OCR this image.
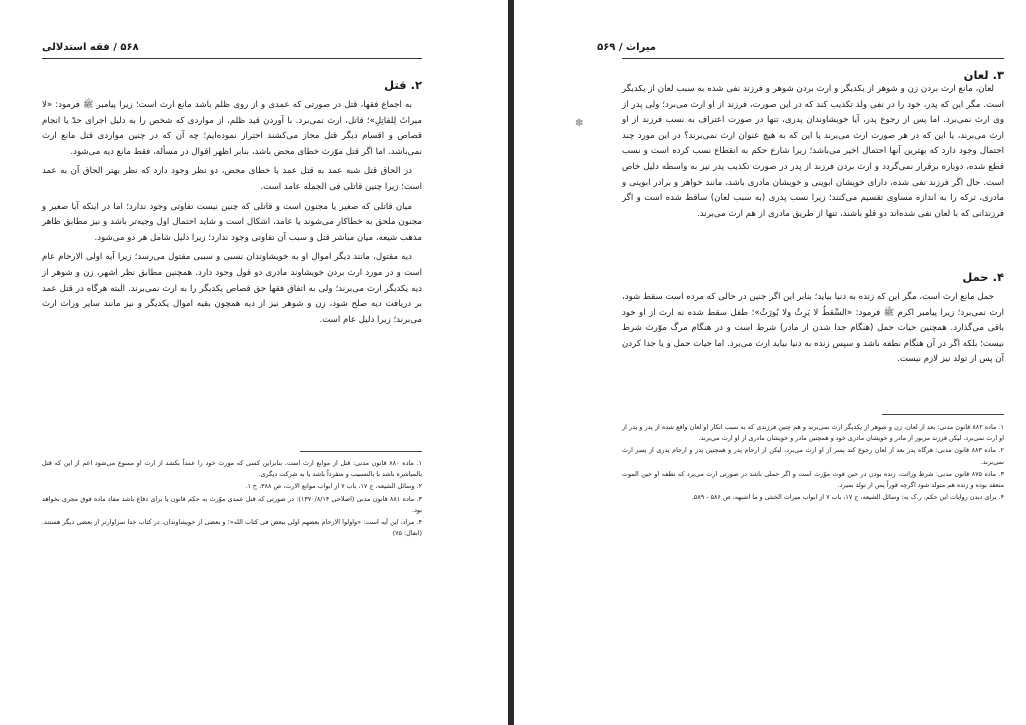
۵۶۸ / فقه استدلالی
۲. قتل

به اجماع فقها، قتل در صورتی که عمدی و از روی ظلم باشد مانع ارث است؛ زیرا پیامبر ﷺ فرمود: «لا میراثَ لِلقاتِلِ»؛ قاتل، ارث نمی‌برد. با آوردن قید ظلم، از مواردی که شخص را به دلیل اجرای حدّ یا انجام قصاص و اقسام دیگر قتل مجاز می‌کشند احتراز نموده‌ایم؛ چه آن که در چنین مواردی قتل مانع ارث نمی‌باشد. اما اگر قتل موّرث خطای محض باشد، بنابر اظهر اقوال در مسأله، فقط مانع دیه می‌شود.

در الحاق قتل شبه عمد به قتل عمد یا خطای محض، دو نظر وجود دارد که نظر بهتر الحاق آن به عمد است؛ زیرا چنین قاتلی فی الجمله عامد است.

میان قاتلی که صغیر یا مجنون است و قاتلی که چنین نیست تفاوتی وجود ندارد؛ اما در اینکه آیا صغیر و مجنون ملحق به خطاکار می‌شوند یا عامد، اشکال است و شاید احتمال اول وجیه‌تر باشد و نیز مطابق ظاهر مذهب شیعه، میان مباشر قتل و سبب آن تفاوتی وجود ندارد؛ زیرا دلیل شامل هر دو می‌شود.

دیه مقتول، مانند دیگر اموال او به خویشاوندان نسبی و سببی مقتول می‌رسد؛ زیرا آیه اولی الارحام عام است و در مورد ارث بردن خویشاوند مادری دو قول وجود دارد. همچنین مطابق نظر اشهر، زن و شوهر از دیه یکدیگر ارث می‌برند؛ ولی به اتفاق فقها حق قصاص یکدیگر را به ارث نمی‌برند. البته هرگاه در قتل عمد بر دریافت دیه صلح شود، زن و شوهر نیز از دیه همچون بقیه اموال یکدیگر و نیز مانند سایر وراث ارث می‌برند؛ زیرا دلیل عام است.

۱. ماده ۸۸۰ قانون مدنی: قتل از موانع ارث است. بنابراین کسی که مورث خود را عمداً بکشد از ارث او ممنوع می‌شود اعم از این که قتل بالمباشره باشد یا بالتسبیب و منفرداً باشد یا به شرکت دیگری.

۲. وسائل الشیعه، ج ۱۷، باب ۷ از ابواب موانع الارث، ص ۳۸۸، ح ۱.

۳. ماده ۸۸۱ قانون مدنی (اصلاحی ۱۳۷۰/۸/۱۴): در صورتی که قتل عمدی موّرث به حکم قانون یا برای دفاع باشد مفاد ماده فوق مجری نخواهد بود.

۴. مراد، این آیه است: «واولوا الارحام بعضهم اولی ببعض فی کتاب الله»؛ و بعضی از خویشاوندان، در کتاب خدا سزاوارتر از بعضی دیگر هستند. (انفال: ۷۵)

میراث / ۵۶۹
۳. لعان

لعان، مانع ارث بردن زن و شوهر از یکدیگر و ارث بردن شوهر و فرزند نفی شده به سبب لعان از یکدیگر است. مگر این که پدر، خود را در نفی ولد تکذیب کند که در این صورت، فرزند از او ارث می‌برد؛ ولی پدر از وی ارث نمی‌برد. اما پس از رجوع پدر، آیا خویشاوندان پدری، تنها در صورت اعتراف به نسب فرزند از او ارث می‌برند، یا این که در هر صورت ارث می‌برند یا این که به هیچ عنوان ارث نمی‌برند؟ در این مورد چند احتمال وجود دارد که بهترین آنها احتمال اخیر می‌باشد؛ زیرا شارع حکم به انقطاع نسب کرده است و نسب قطع شده، دوباره برقرار نمی‌گردد و ارث بردن فرزند از پدر در صورت تکذیب پدر نیز به واسطه دلیل خاص است. حال اگر فرزند نفی شده، دارای خویشان ابوینی و خویشان مادری باشد، مانند خواهر و برادر ابوینی و مادری، ترکه را به اندازه مساوی تقسیم می‌کنند؛ زیرا نسب پدری (به سبب لعان) ساقط شده است و اگر فرزندانی که با لعان نفی شده‌اند دو قلو باشند، تنها از طریق مادری از هم ارث می‌برند.

۴. حمل

حمل مانع ارث است، مگر این که زنده به دنیا بیاید؛ بنابر این اگر جنین در حالی که مرده است سقط شود، ارث نمی‌برد؛ زیرا پیامبر اکرم ﷺ فرمود: «السِّقطُ لا یَرِثُ ولا یُورَثُ»؛ طفل سقط شده نه ارث از او خود باقی می‌گذارد. همچنین حیات حمل (هنگام جدا شدن از مادر) شرط است و در هنگام مرگ موّرث شرط نیست؛ بلکه اگر در آن هنگام نطفه باشد و سپس زنده به دنیا بیاید ارث می‌برد. اما حیات حمل و یا جدا کردن آن پس از تولد نیز لازم نیست.

۱. ماده ۸۸۲ قانون مدنی: بعد از لعان، زن و شوهر از یکدیگر ارث نمی‌برند و هم چنین فرزندی که به سبب انکار او لعان واقع شده از پدر و پدر از او ارث نمی‌برد. لیکن فرزند مزبور از مادر و خویشان مادری خود و همچنین مادر و خویشان مادری از او ارث می‌برند.

۲. ماده ۸۸۳ قانون مدنی: هرگاه پدر بعد از لعان رجوع کند پسر از او ارث می‌برد، لیکن از ارحام پدر و همچنین پدر و ارحام پدری از پسر ارث نمی‌برند.

۳. ماده ۸۷۵ قانون مدنی: شرط وراثت، زنده بودن در حین فوت موّرث است و اگر حملی باشد در صورتی ارث می‌برد که نطفه او حین الموت منعقد بوده و زنده هم متولد شود اگرچه فوراً پس از تولد بمیرد.

۴. برای دیدن روایات این حکم، ر.ک به: وسائل الشیعه، ج ۱۷، باب ۷ از ابواب میراث الخنثی و ما اشبهه، ص ۵۸۶ - ۵۸۹.

✽
